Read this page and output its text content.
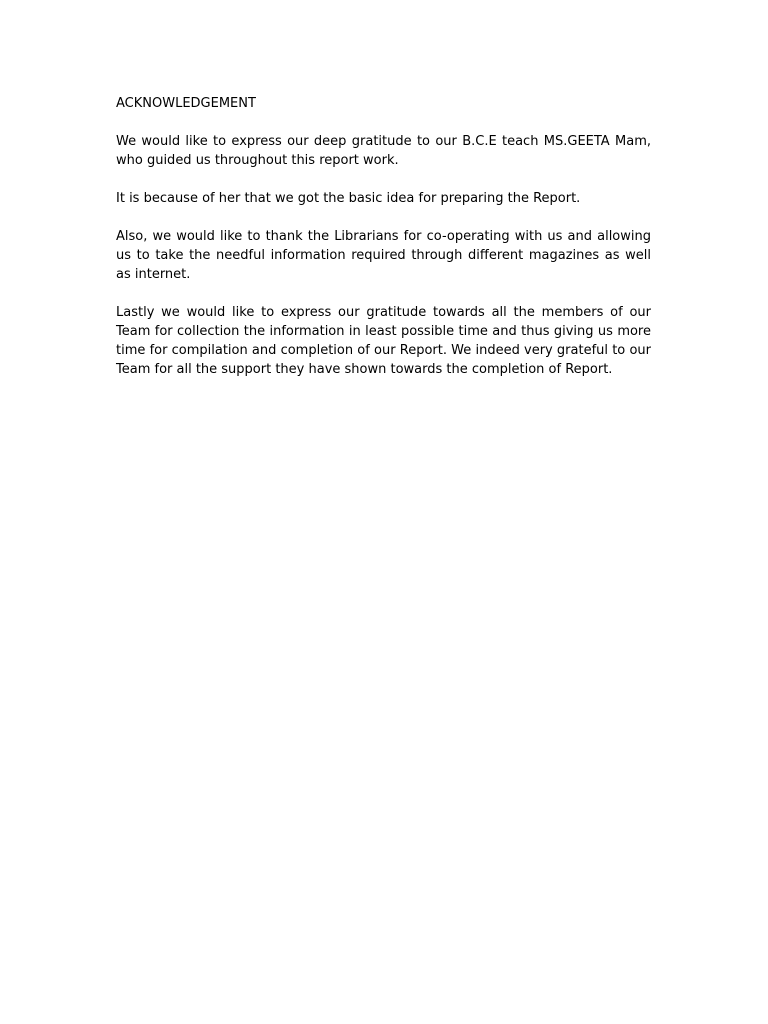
ACKNOWLEDGEMENT

We would like to express our deep gratitude to our B.C.E teach MS.GEETA Mam, who guided us throughout this report work.

It is because of her that we got the basic idea for preparing the Report.

Also, we would like to thank the Librarians for co-operating with us and allowing us to take the needful information required through different magazines as well as internet.

Lastly we would like to express our gratitude towards all the members of our Team for collection the information in least possible time and thus giving us more time for compilation and completion of our Report. We indeed very grateful to our Team for all the support they have shown towards the completion of Report.
